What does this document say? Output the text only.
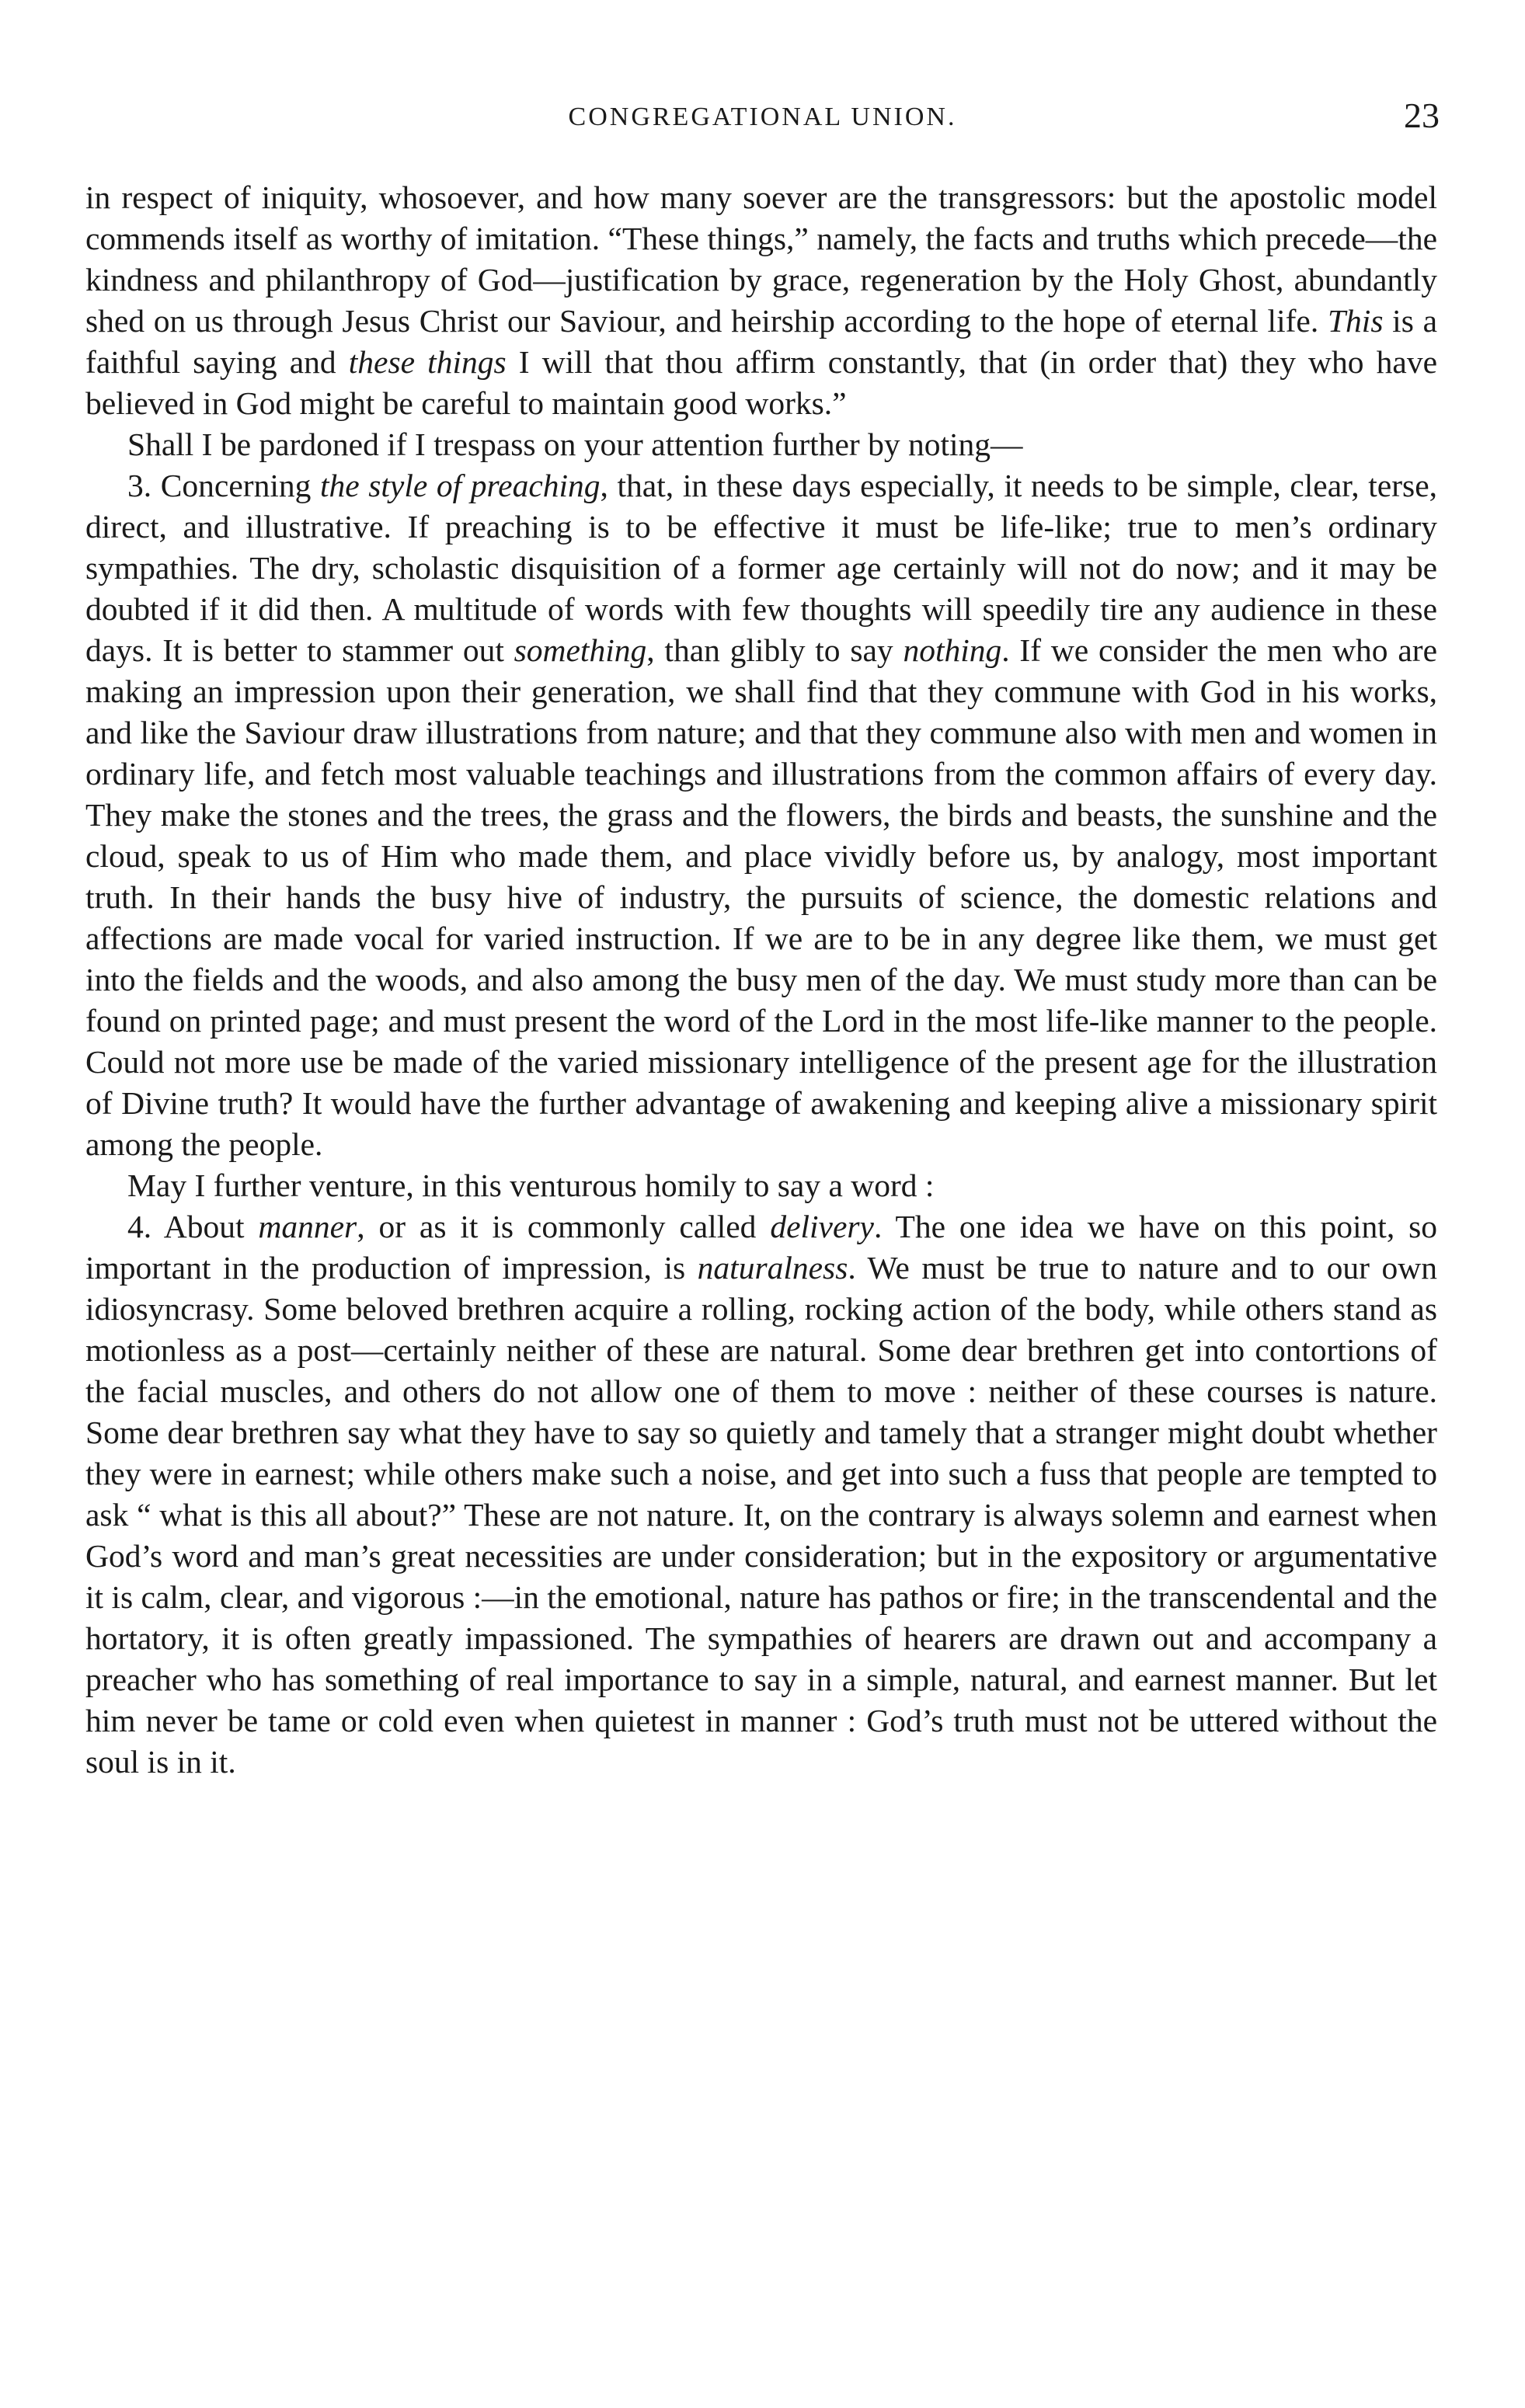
CONGREGATIONAL UNION.	23

in respect of iniquity, whosoever, and how many soever are the transgressors: but the apostolic model commends itself as worthy of imitation. “These things,” namely, the facts and truths which precede—the kindness and philanthropy of God—justification by grace, regeneration by the Holy Ghost, abundantly shed on us through Jesus Christ our Saviour, and heirship according to the hope of eternal life. This is a faithful saying and these things I will that thou affirm constantly, that (in order that) they who have believed in God might be careful to maintain good works.”

Shall I be pardoned if I trespass on your attention further by noting—

3. Concerning the style of preaching, that, in these days especially, it needs to be simple, clear, terse, direct, and illustrative. If preaching is to be effective it must be life-like; true to men’s ordinary sympathies. The dry, scholastic disquisition of a former age certainly will not do now; and it may be doubted if it did then. A multitude of words with few thoughts will speedily tire any audience in these days. It is better to stammer out something, than glibly to say nothing. If we consider the men who are making an impression upon their generation, we shall find that they commune with God in his works, and like the Saviour draw illustrations from nature; and that they commune also with men and women in ordinary life, and fetch most valuable teachings and illustrations from the common affairs of every day. They make the stones and the trees, the grass and the flowers, the birds and beasts, the sunshine and the cloud, speak to us of Him who made them, and place vividly before us, by analogy, most important truth. In their hands the busy hive of industry, the pursuits of science, the domestic relations and affections are made vocal for varied instruction. If we are to be in any degree like them, we must get into the fields and the woods, and also among the busy men of the day. We must study more than can be found on printed page; and must present the word of the Lord in the most life-like manner to the people. Could not more use be made of the varied missionary intelligence of the present age for the illustration of Divine truth? It would have the further advantage of awakening and keeping alive a missionary spirit among the people.

May I further venture, in this venturous homily to say a word :

4. About manner, or as it is commonly called delivery. The one idea we have on this point, so important in the production of impression, is naturalness. We must be true to nature and to our own idiosyncrasy. Some beloved brethren acquire a rolling, rocking action of the body, while others stand as motionless as a post—certainly neither of these are natural. Some dear brethren get into contortions of the facial muscles, and others do not allow one of them to move : neither of these courses is nature. Some dear brethren say what they have to say so quietly and tamely that a stranger might doubt whether they were in earnest; while others make such a noise, and get into such a fuss that people are tempted to ask “ what is this all about?” These are not nature. It, on the contrary is always solemn and earnest when God’s word and man’s great necessities are under consideration; but in the expository or argumentative it is calm, clear, and vigorous :—in the emotional, nature has pathos or fire; in the transcendental and the hortatory, it is often greatly impassioned. The sympathies of hearers are drawn out and accompany a preacher who has something of real importance to say in a simple, natural, and earnest manner. But let him never be tame or cold even when quietest in manner : God’s truth must not be uttered without the soul is in it.
